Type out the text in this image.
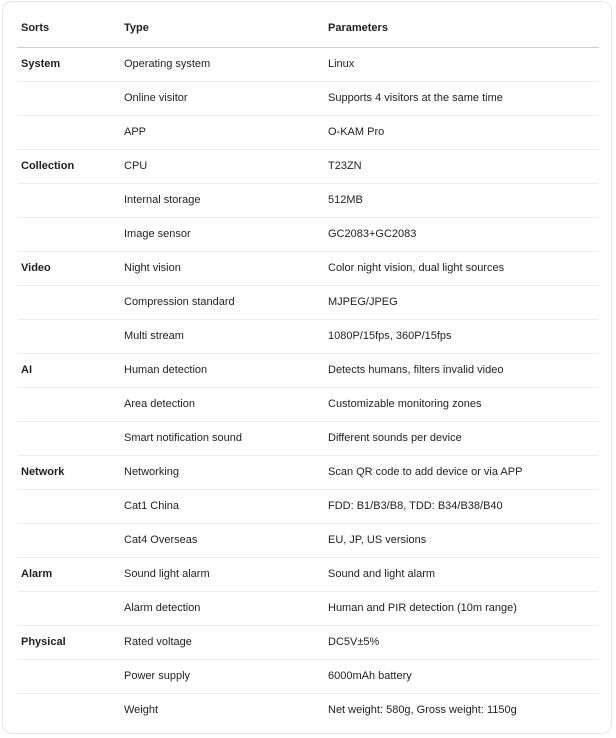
Sorts	Type	Parameters
System	Operating system	Linux
	Online visitor	Supports 4 visitors at the same time
	APP	O-KAM Pro
Collection	CPU	T23ZN
	Internal storage	512MB
	Image sensor	GC2083+GC2083
Video	Night vision	Color night vision, dual light sources
	Compression standard	MJPEG/JPEG
	Multi stream	1080P/15fps, 360P/15fps
AI	Human detection	Detects humans, filters invalid video
	Area detection	Customizable monitoring zones
	Smart notification sound	Different sounds per device
Network	Networking	Scan QR code to add device or via APP
	Cat1 China	FDD: B1/B3/B8, TDD: B34/B38/B40
	Cat4 Overseas	EU, JP, US versions
Alarm	Sound light alarm	Sound and light alarm
	Alarm detection	Human and PIR detection (10m range)
Physical	Rated voltage	DC5V±5%
	Power supply	6000mAh battery
	Weight	Net weight: 580g, Gross weight: 1150g
